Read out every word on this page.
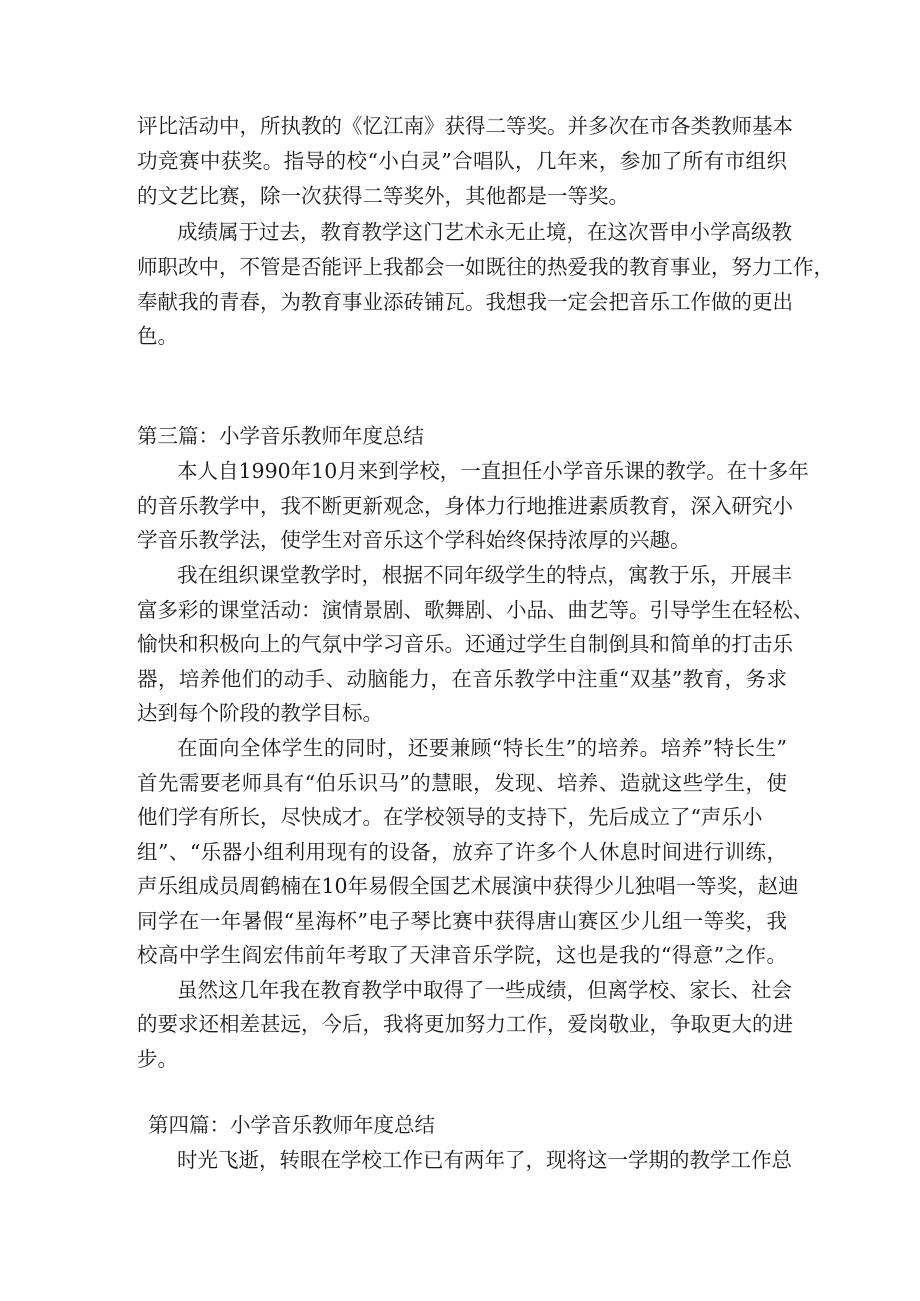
评比活动中，所执教的《忆江南》获得二等奖。并多次在市各类教师基本
功竞赛中获奖。指导的校“小白灵”合唱队，几年来，参加了所有市组织
的文艺比赛，除一次获得二等奖外，其他都是一等奖。
成绩属于过去，教育教学这门艺术永无止境，在这次晋申小学高级教
师职改中，不管是否能评上我都会一如既往的热爱我的教育事业，努力工作，
奉献我的青春，为教育事业添砖铺瓦。我想我一定会把音乐工作做的更出
色。
第三篇：小学音乐教师年度总结
本人自1990年10月来到学校，一直担任小学音乐课的教学。在十多年
的音乐教学中，我不断更新观念，身体力行地推进素质教育，深入研究小
学音乐教学法，使学生对音乐这个学科始终保持浓厚的兴趣。
我在组织课堂教学时，根据不同年级学生的特点，寓教于乐，开展丰
富多彩的课堂活动：演情景剧、歌舞剧、小品、曲艺等。引导学生在轻松、
愉快和积极向上的气氛中学习音乐。还通过学生自制倒具和简单的打击乐
器，培养他们的动手、动脑能力，在音乐教学中注重“双基”教育，务求
达到每个阶段的教学目标。
在面向全体学生的同时，还要兼顾“特长生”的培养。培养”特长生”
首先需要老师具有“伯乐识马”的慧眼，发现、培养、造就这些学生，使
他们学有所长，尽快成才。在学校领导的支持下，先后成立了“声乐小
组”、“乐器小组利用现有的设备，放弃了许多个人休息时间进行训练，
声乐组成员周鹤楠在10年易假全国艺术展演中获得少儿独唱一等奖，赵迪
同学在一年暑假“星海杯”电子琴比赛中获得唐山赛区少儿组一等奖，我
校高中学生阎宏伟前年考取了天津音乐学院，这也是我的“得意”之作。
虽然这几年我在教育教学中取得了一些成绩，但离学校、家长、社会
的要求还相差甚远，今后，我将更加努力工作，爱岗敬业，争取更大的进
步。
第四篇：小学音乐教师年度总结
时光飞逝，转眼在学校工作已有两年了，现将这一学期的教学工作总
